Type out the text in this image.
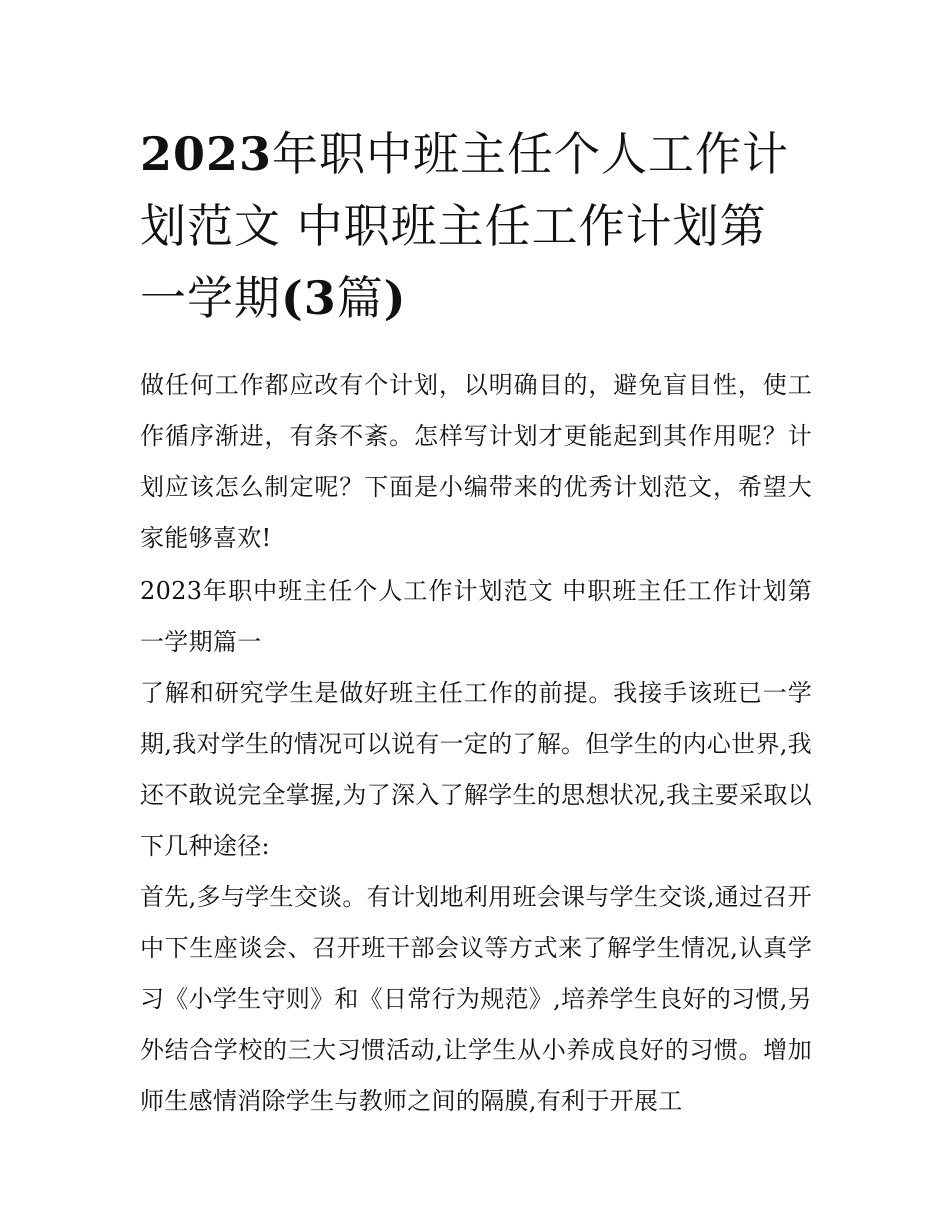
2023年职中班主任个人工作计
划范文 中职班主任工作计划第
一学期(3篇)

做任何工作都应改有个计划，以明确目的，避免盲目性，使工作循序渐进，有条不紊。怎样写计划才更能起到其作用呢？计划应该怎么制定呢？下面是小编带来的优秀计划范文，希望大家能够喜欢!

2023年职中班主任个人工作计划范文 中职班主任工作计划第一学期篇一

了解和研究学生是做好班主任工作的前提。我接手该班已一学期,我对学生的情况可以说有一定的了解。但学生的内心世界,我还不敢说完全掌握,为了深入了解学生的思想状况,我主要采取以下几种途径:

首先,多与学生交谈。有计划地利用班会课与学生交谈,通过召开中下生座谈会、召开班干部会议等方式来了解学生情况,认真学习《小学生守则》和《日常行为规范》,培养学生良好的习惯,另外结合学校的三大习惯活动,让学生从小养成良好的习惯。增加师生感情消除学生与教师之间的隔膜,有利于开展工
